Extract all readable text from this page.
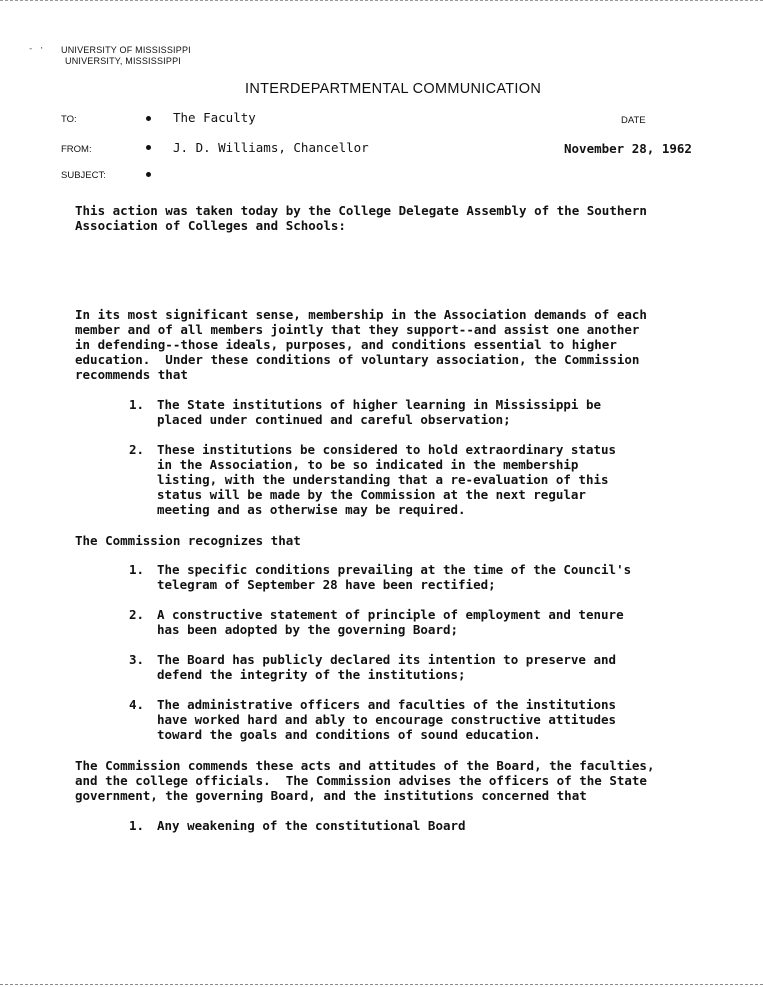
- · UNIVERSITY OF MISSISSIPPI
UNIVERSITY, MISSISSIPPI
INTERDEPARTMENTAL COMMUNICATION
TO:	The Faculty	DATE
FROM:	J. D. Williams, Chancellor	November 28, 1962
SUBJECT:
This action was taken today by the College Delegate Assembly of the Southern
Association of Colleges and Schools:
In its most significant sense, membership in the Association demands of each
member and of all members jointly that they support--and assist one another
in defending--those ideals, purposes, and conditions essential to higher
education.  Under these conditions of voluntary association, the Commission
recommends that
1. The State institutions of higher learning in Mississippi be
placed under continued and careful observation;
2. These institutions be considered to hold extraordinary status
in the Association, to be so indicated in the membership
listing, with the understanding that a re-evaluation of this
status will be made by the Commission at the next regular
meeting and as otherwise may be required.
The Commission recognizes that
1. The specific conditions prevailing at the time of the Council's
telegram of September 28 have been rectified;
2. A constructive statement of principle of employment and tenure
has been adopted by the governing Board;
3. The Board has publicly declared its intention to preserve and
defend the integrity of the institutions;
4. The administrative officers and faculties of the institutions
have worked hard and ably to encourage constructive attitudes
toward the goals and conditions of sound education.
The Commission commends these acts and attitudes of the Board, the faculties,
and the college officials.  The Commission advises the officers of the State
government, the governing Board, and the institutions concerned that
1. Any weakening of the constitutional Board
